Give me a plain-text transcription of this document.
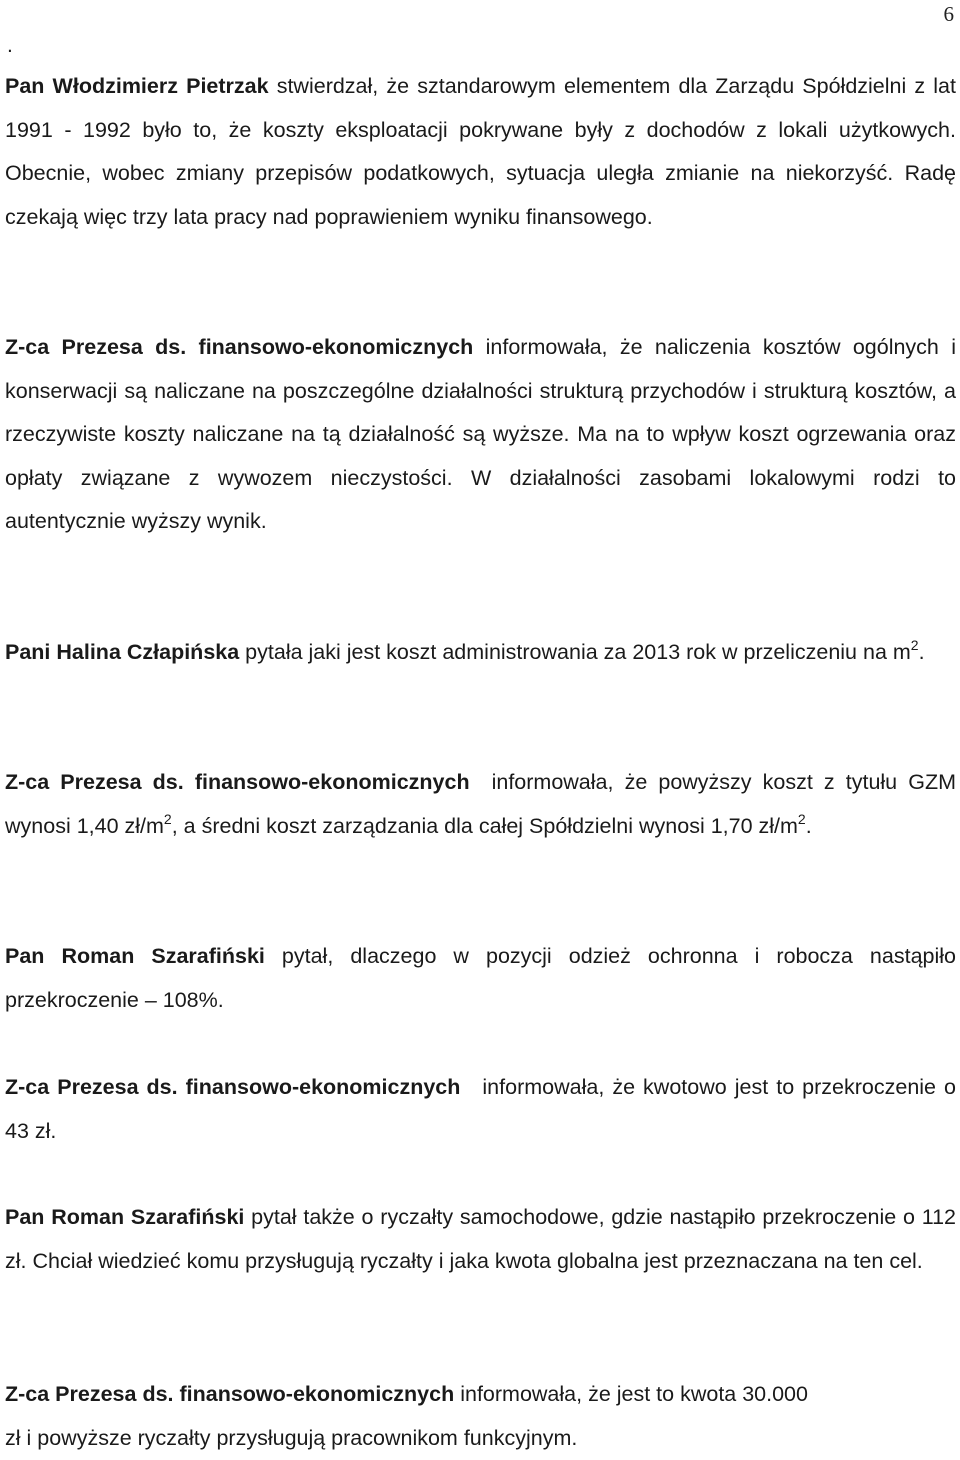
6
.

Pan Włodzimierz Pietrzak stwierdzał, że sztandarowym elementem dla Zarządu Spółdzielni z lat 1991 - 1992 było to, że koszty eksploatacji pokrywane były z dochodów z lokali użytkowych. Obecnie, wobec zmiany przepisów podatkowych, sytuacja uległa zmianie na niekorzyść. Radę czekają więc trzy lata pracy nad poprawieniem wyniku finansowego.

Z-ca Prezesa ds. finansowo-ekonomicznych informowała, że naliczenia kosztów ogólnych i konserwacji są naliczane na poszczególne działalności strukturą przychodów i strukturą kosztów, a rzeczywiste koszty naliczane na tą działalność są wyższe. Ma na to wpływ koszt ogrzewania oraz opłaty związane z wywozem nieczystości. W działalności zasobami lokalowymi rodzi to autentycznie wyższy wynik.

Pani Halina Człapińska pytała jaki jest koszt administrowania za 2013 rok w przeliczeniu na $m^2$.

Z-ca Prezesa ds. finansowo-ekonomicznych informowała, że powyższy koszt z tytułu GZM wynosi 1,40 $zł/m^2$, a średni koszt zarządzania dla całej Spółdzielni wynosi 1,70 $zł/m^2$.

Pan Roman Szarafiński pytał, dlaczego w pozycji odzież ochronna i robocza nastąpiło przekroczenie – 108%.

Z-ca Prezesa ds. finansowo-ekonomicznych informowała, że kwotowo jest to przekroczenie o 43 zł.

Pan Roman Szarafiński pytał także o ryczałty samochodowe, gdzie nastąpiło przekroczenie o 112 zł. Chciał wiedzieć komu przysługują ryczałty i jaka kwota globalna jest przeznaczana na ten cel.

Z-ca Prezesa ds. finansowo-ekonomicznych informowała, że jest to kwota 30.000
zł i powyższe ryczałty przysługują pracownikom funkcyjnym.
